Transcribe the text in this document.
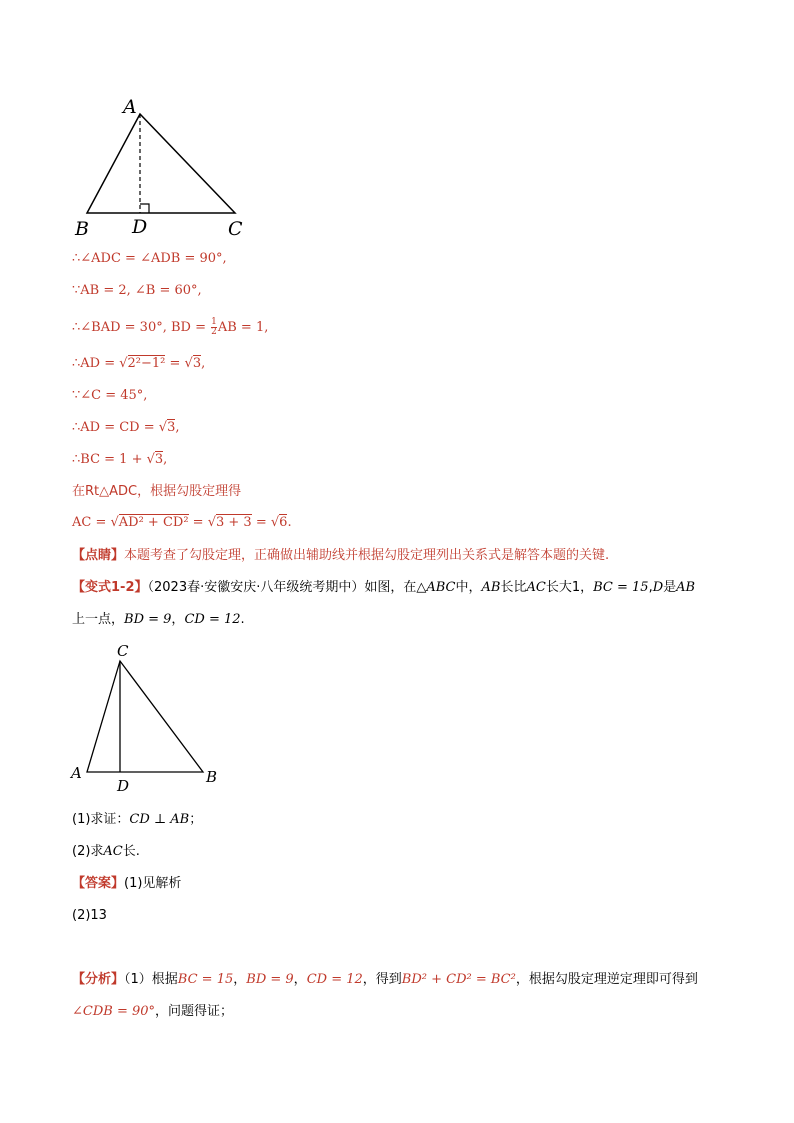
A
B D	C
∴∠ADC = ∠ADB = 90°,
∵AB = 2, ∠B = 60°,
∴∠BAD = 30°, BD = $\frac{1}{2}$ AB = 1,
∴AD = √2²−1² = √3,
∵∠C = 45°,
∴AD = CD = √3,
∴BC = 1 + √3,
在Rt△ADC，根据勾股定理得
AC = √AD² + CD² = √3 + 3 = √6.
【点睛】本题考查了勾股定理，正确做出辅助线并根据勾股定理列出关系式是解答本题的关键.
【变式1-2】（2023春·安徽安庆·八年级统考期中）如图，在△ABC中，AB长比AC长大1，BC = 15,D是AB
上一点，BD = 9，CD = 12.
C
A
D	B
(1)求证：CD ⊥ AB；
(2)求AC长.
【答案】(1)见解析
(2)13
【分析】（1）根据BC = 15，BD = 9，CD = 12，得到BD² + CD² = BC²，根据勾股定理逆定理即可得到
∠CDB = 90°，问题得证；
